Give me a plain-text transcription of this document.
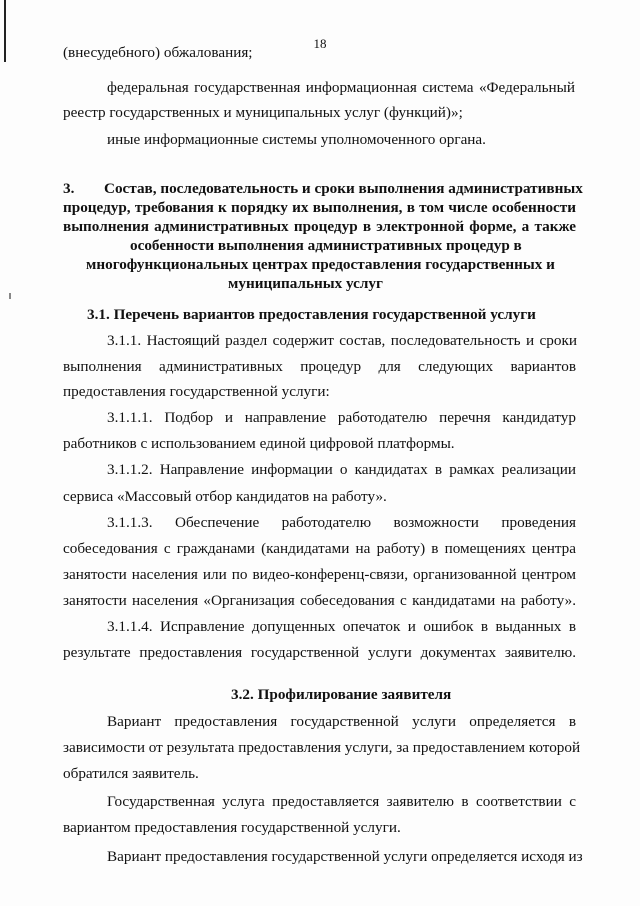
18
(внесудебного) обжалования;
федеральная государственная информационная система «Федеральный
реестр государственных и муниципальных услуг (функций)»;
иные информационные системы уполномоченного органа.
3.	Состав, последовательность и сроки выполнения административных
процедур, требования к порядку их выполнения, в том числе особенности
выполнения административных процедур в электронной форме, а также
особенности выполнения административных процедур в
многофункциональных центрах предоставления государственных и
муниципальных услуг
3.1. Перечень вариантов предоставления государственной услуги
3.1.1. Настоящий раздел содержит состав, последовательность и сроки
выполнения административных процедур для следующих вариантов
предоставления государственной услуги:
3.1.1.1. Подбор и направление работодателю перечня кандидатур
работников с использованием единой цифровой платформы.
3.1.1.2. Направление информации о кандидатах в рамках реализации
сервиса «Массовый отбор кандидатов на работу».
3.1.1.3. Обеспечение работодателю возможности проведения
собеседования с гражданами (кандидатами на работу) в помещениях центра
занятости населения или по видео-конференц-связи, организованной центром
занятости населения «Организация собеседования с кандидатами на работу».
3.1.1.4. Исправление допущенных опечаток и ошибок в выданных в
результате предоставления государственной услуги документах заявителю.
3.2. Профилирование заявителя
Вариант предоставления государственной услуги определяется в
зависимости от результата предоставления услуги, за предоставлением которой
обратился заявитель.
Государственная услуга предоставляется заявителю в соответствии с
вариантом предоставления государственной услуги.
Вариант предоставления государственной услуги определяется исходя из
